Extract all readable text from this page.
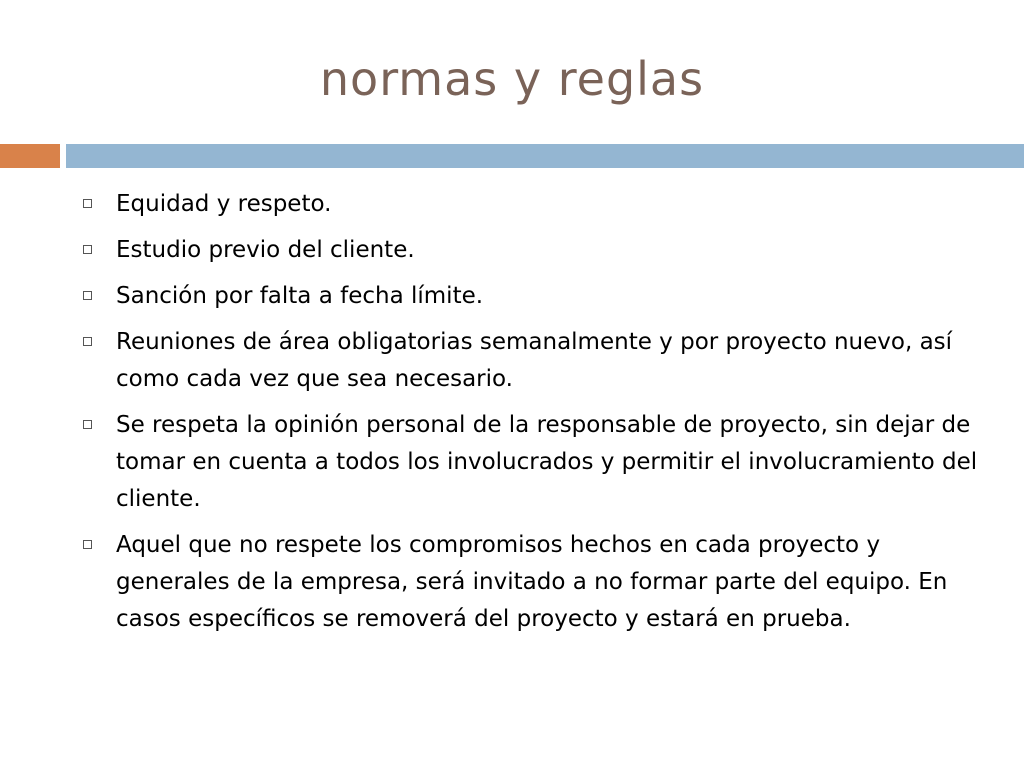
normas y reglas
Equidad y respeto.
Estudio previo del cliente.
Sanción por falta a fecha límite.
Reuniones de área obligatorias semanalmente y por proyecto nuevo, así como cada vez que sea necesario.
Se respeta la opinión personal de la responsable de proyecto, sin dejar de tomar en cuenta a todos los involucrados y permitir el involucramiento del cliente.
Aquel que no respete los compromisos hechos en cada proyecto y generales de la empresa, será invitado a no formar parte del equipo. En casos específicos se removerá del proyecto y estará en prueba.
